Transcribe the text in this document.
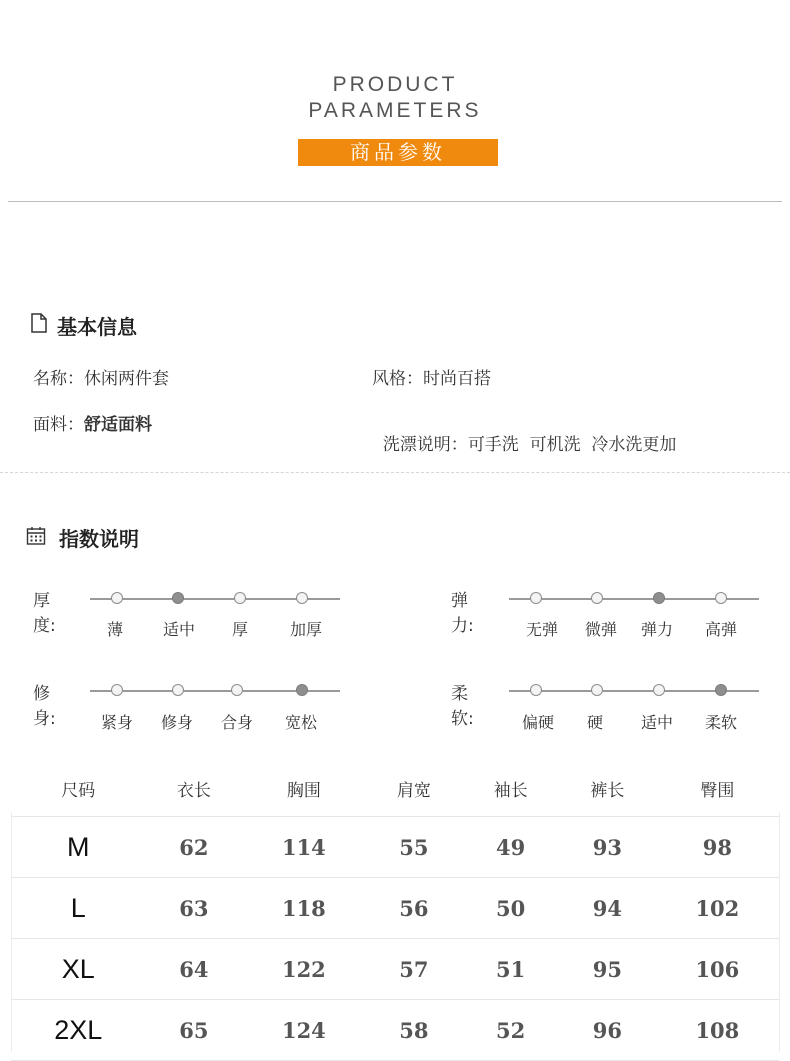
PRODUCT
PARAMETERS
商品参数
基本信息
名称：休闲两件套	风格：时尚百搭
面料：舒适面料

洗漂说明：可手洗  可机洗  冷水洗更加

指数说明
厚度:	薄 适中 厚	加厚
弹力:	无弹 微弹 弹力 高弹
修身:	紧身 修身 合身 宽松
柔软:	偏硬 硬 适中 柔软
尺码	衣长	胸围	肩宽	袖长	裤长	臀围
M	62	114	55	49	93	98
L	63	118	56	50	94	102
XL	64	122	57	51	95	106
2XL	65	124	58	52	96	108
